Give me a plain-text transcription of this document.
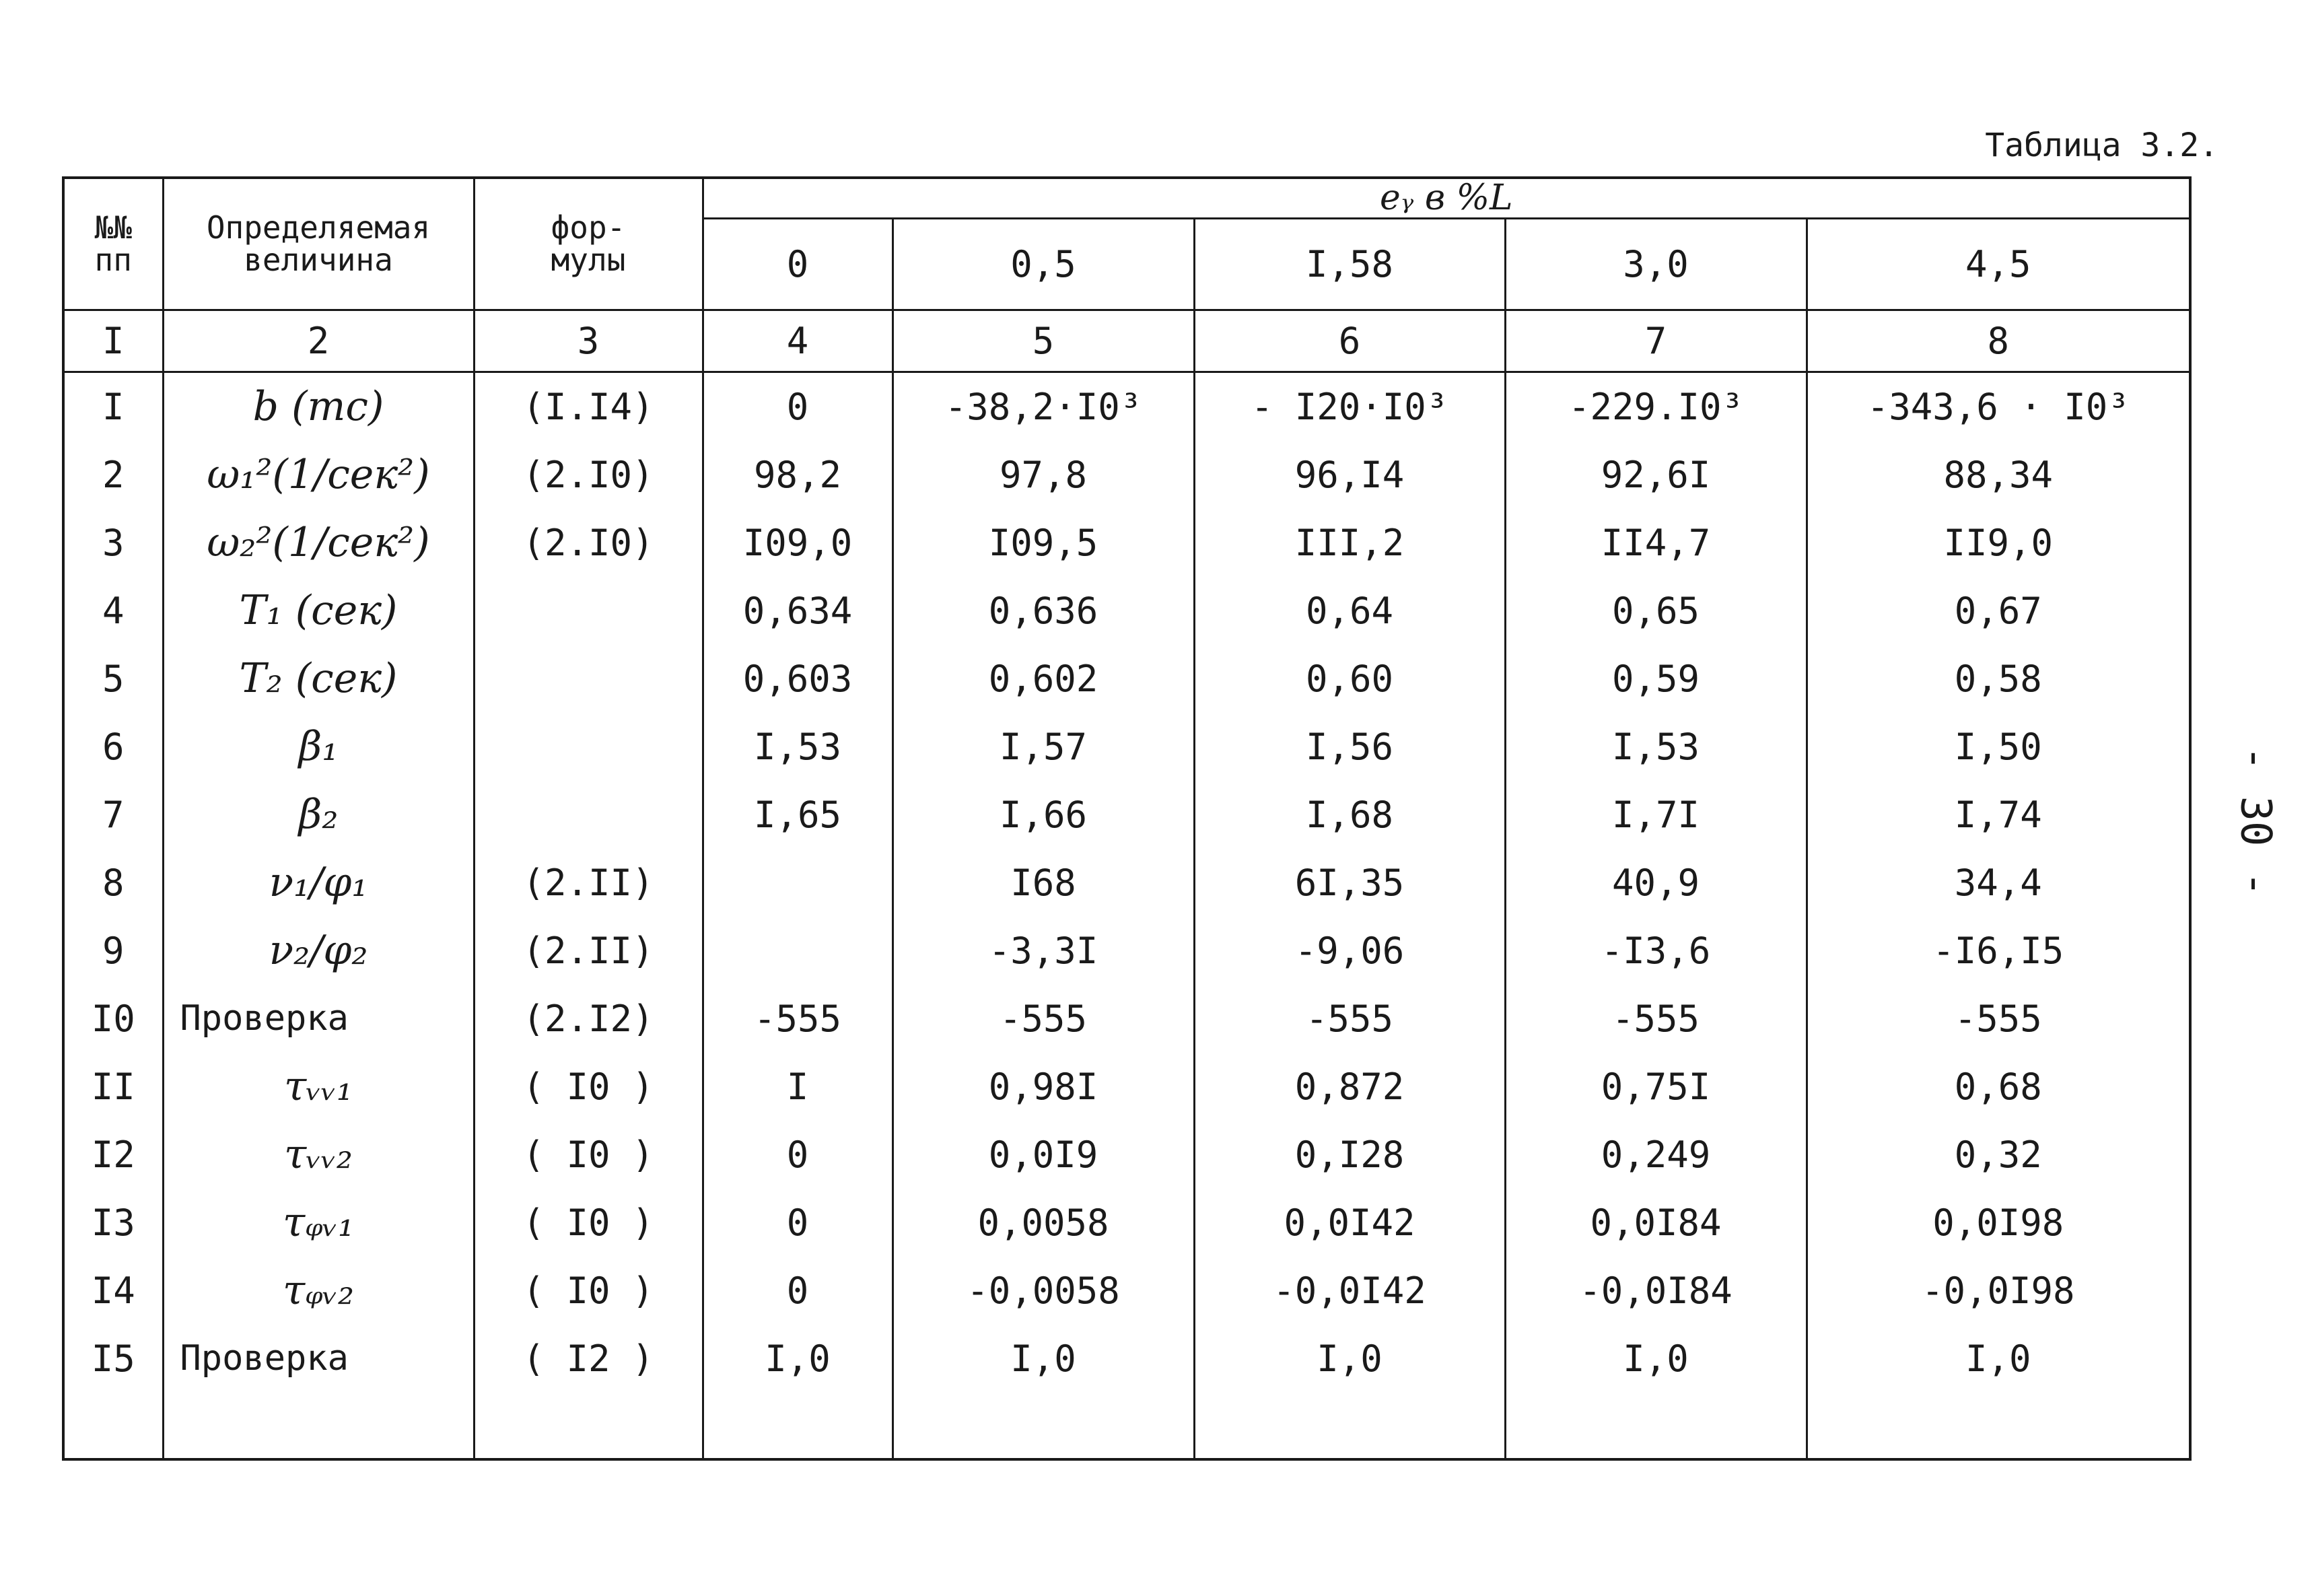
Таблица 3.2.
- 30 -
№№
пп	Определяемая величина	фор- мулы	eᵧ в %L				
			0	0,5	I,58	3,0	4,5
I	2	3	4	5	6	7	8
I	b (тс)	(I.I4)	0	-38,2·I0³	- I20·I0³	-229.I0³	-343,6 · I0³
2	ω₁²(1/сек²)	(2.I0)	98,2	97,8	96,I4	92,6I	88,34
3	ω₂²(1/сек²)	(2.I0)	I09,0	I09,5	III,2	II4,7	II9,0
4	T₁ (сек)		0,634	0,636	0,64	0,65	0,67
5	T₂ (сек)		0,603	0,602	0,60	0,59	0,58
6	β₁		I,53	I,57	I,56	I,53	I,50
7	β₂		I,65	I,66	I,68	I,7I	I,74
8	ν₁/φ₁	(2.II)		I68	6I,35	40,9	34,4
9	ν₂/φ₂	(2.II)		-3,3I	-9,06	-I3,6	-I6,I5
I0	Проверка	(2.I2)	-555	-555	-555	-555	-555
II	τᵥᵥ₁	( I0 )	I	0,98I	0,872	0,75I	0,68
I2	τᵥᵥ₂	( I0 )	0	0,0I9	0,I28	0,249	0,32
I3	τᵩᵥ₁	( I0 )	0	0,0058	0,0I42	0,0I84	0,0I98
I4	τᵩᵥ₂	( I0 )	0	-0,0058	-0,0I42	-0,0I84	-0,0I98
I5	Проверка	( I2 )	I,0	I,0	I,0	I,0	I,0
